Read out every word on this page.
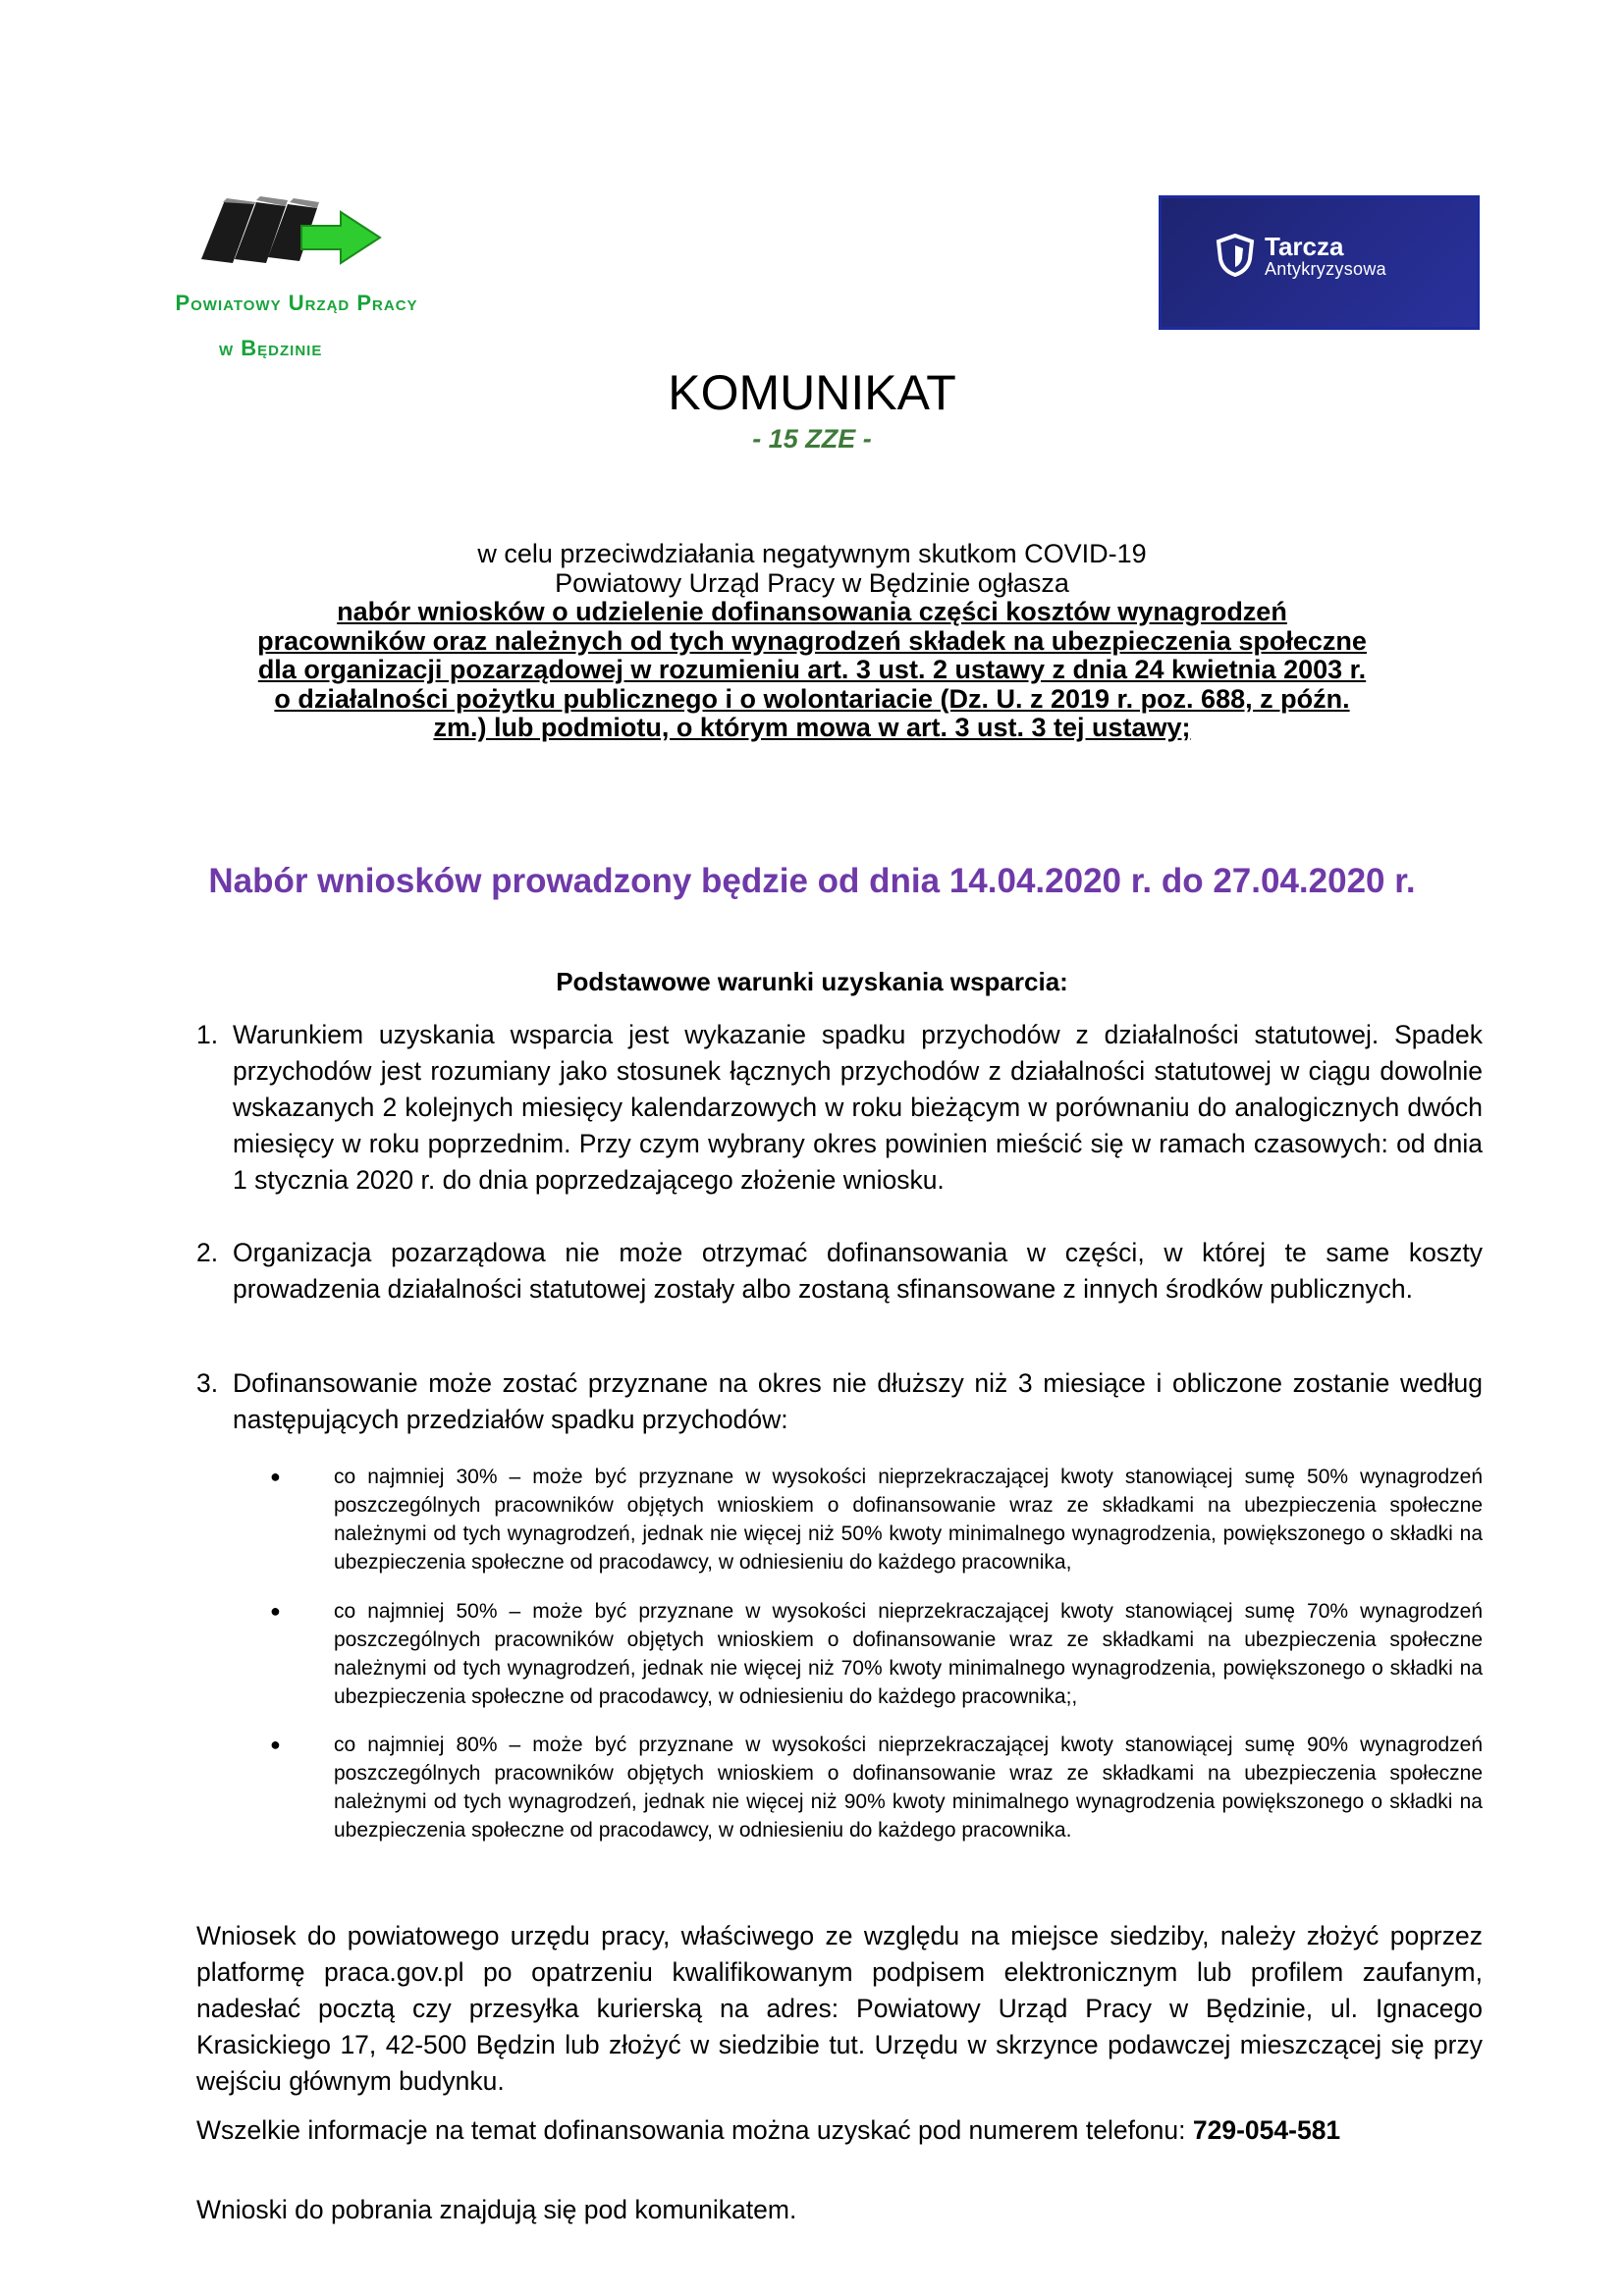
Powiatowy Urząd Pracy
w Będzinie
Tarcza
Antykryzysowa
KOMUNIKAT
- 15 ZZE -
w celu przeciwdziałania negatywnym skutkom COVID-19
Powiatowy Urząd Pracy w Będzinie ogłasza
nabór wniosków o udzielenie dofinansowania części kosztów wynagrodzeń
pracowników oraz należnych od tych wynagrodzeń składek na ubezpieczenia społeczne
dla organizacji pozarządowej w rozumieniu art. 3 ust. 2 ustawy z dnia 24 kwietnia 2003 r.
o działalności pożytku publicznego i o wolontariacie (Dz. U. z 2019 r. poz. 688, z późn.
zm.) lub podmiotu, o którym mowa w art. 3 ust. 3 tej ustawy;
Nabór wniosków prowadzony będzie od dnia 14.04.2020 r. do 27.04.2020 r.
Podstawowe warunki uzyskania wsparcia:
1. Warunkiem uzyskania wsparcia jest wykazanie spadku przychodów z działalności statutowej. Spadek przychodów jest rozumiany jako stosunek łącznych przychodów z działalności statutowej w ciągu dowolnie wskazanych 2 kolejnych miesięcy kalendarzowych w roku bieżącym w porównaniu do analogicznych dwóch miesięcy w roku poprzednim. Przy czym wybrany okres powinien mieścić się w ramach czasowych: od dnia 1 stycznia 2020 r. do dnia poprzedzającego złożenie wniosku.
2. Organizacja pozarządowa nie może otrzymać dofinansowania w części, w której te same koszty prowadzenia działalności statutowej zostały albo zostaną sfinansowane z innych środków publicznych.
3. Dofinansowanie może zostać przyznane na okres nie dłuższy niż 3 miesiące i obliczone zostanie według następujących przedziałów spadku przychodów:
●	co najmniej 30% – może być przyznane w wysokości nieprzekraczającej kwoty stanowiącej sumę 50% wynagrodzeń poszczególnych pracowników objętych wnioskiem o dofinansowanie wraz ze składkami na ubezpieczenia społeczne należnymi od tych wynagrodzeń, jednak nie więcej niż 50% kwoty minimalnego wynagrodzenia, powiększonego o składki na ubezpieczenia społeczne od pracodawcy, w odniesieniu do każdego pracownika,
●	co najmniej 50% – może być przyznane w wysokości nieprzekraczającej kwoty stanowiącej sumę 70% wynagrodzeń poszczególnych pracowników objętych wnioskiem o dofinansowanie wraz ze składkami na ubezpieczenia społeczne należnymi od tych wynagrodzeń, jednak nie więcej niż 70% kwoty minimalnego wynagrodzenia, powiększonego o składki na ubezpieczenia społeczne od pracodawcy, w odniesieniu do każdego pracownika;,
●	co najmniej 80% – może być przyznane w wysokości nieprzekraczającej kwoty stanowiącej sumę 90% wynagrodzeń poszczególnych pracowników objętych wnioskiem o dofinansowanie wraz ze składkami na ubezpieczenia społeczne należnymi od tych wynagrodzeń, jednak nie więcej niż 90% kwoty minimalnego wynagrodzenia powiększonego o składki na ubezpieczenia społeczne od pracodawcy, w odniesieniu do każdego pracownika.
Wniosek do powiatowego urzędu pracy, właściwego ze względu na miejsce siedziby, należy złożyć poprzez platformę praca.gov.pl po opatrzeniu kwalifikowanym podpisem elektronicznym lub profilem zaufanym, nadesłać pocztą czy przesyłka kurierską na adres: Powiatowy Urząd Pracy w Będzinie, ul. Ignacego Krasickiego 17, 42-500 Będzin lub złożyć w siedzibie tut. Urzędu w skrzynce podawczej mieszczącej się przy wejściu głównym budynku.
Wszelkie informacje na temat dofinansowania można uzyskać pod numerem telefonu: 729-054-581
Wnioski do pobrania znajdują się pod komunikatem.
